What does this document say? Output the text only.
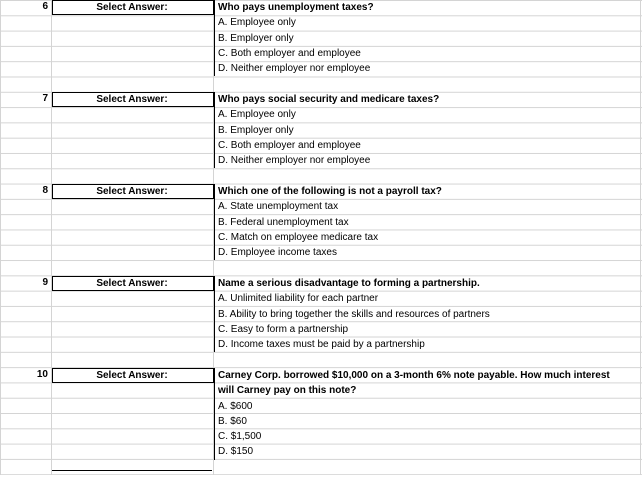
6	Select Answer:	Who pays unemployment taxes?
A. Employee only
B. Employer only
C. Both employer and employee
D. Neither employer nor employee
7	Select Answer:	Who pays social security and medicare taxes?
A. Employee only
B. Employer only
C. Both employer and employee
D. Neither employer nor employee
8	Select Answer:	Which one of the following is not a payroll tax?
A. State unemployment tax
B. Federal unemployment tax
C. Match on employee medicare tax
D. Employee income taxes
9	Select Answer:	Name a serious disadvantage to forming a partnership.
A. Unlimited liability for each partner
B. Ability to bring together the skills and resources of partners
C. Easy to form a partnership
D. Income taxes must be paid by a partnership
10	Select Answer:	Carney Corp. borrowed $10,000 on a 3-month 6% note payable. How much interest
will Carney pay on this note?
A. $600
B. $60
C. $1,500
D. $150
